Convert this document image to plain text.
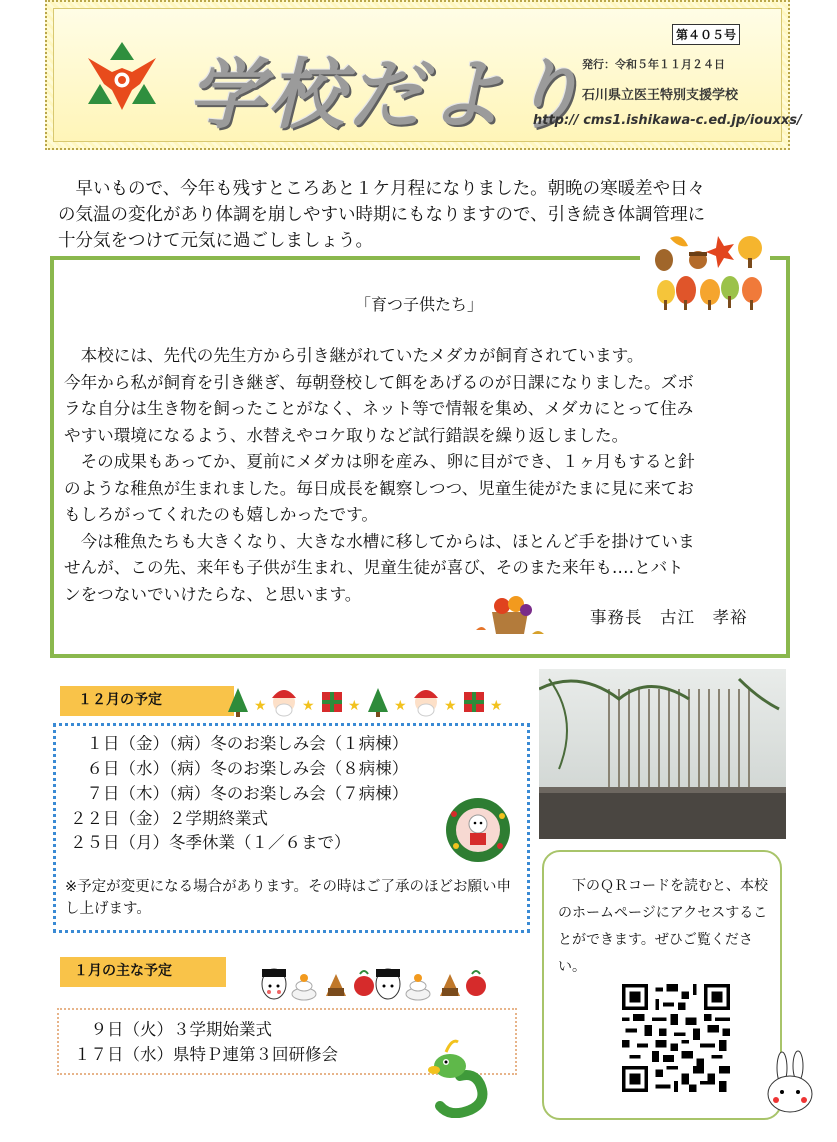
学校だより
第４０５号
発行：令和５年１１月２４日
石川県立医王特別支援学校
http:// cms1.ishikawa-c.ed.jp/iouxxs/
　早いもので、今年も残すところあと１ケ月程になりました。朝晩の寒暖差や日々
の気温の変化があり体調を崩しやすい時期にもなりますので、引き続き体調管理に
十分気をつけて元気に過ごしましょう。
「育つ子供たち」
　本校には、先代の先生方から引き継がれていたメダカが飼育されています。
今年から私が飼育を引き継ぎ、毎朝登校して餌をあげるのが日課になりました。ズボ
ラな自分は生き物を飼ったことがなく、ネット等で情報を集め、メダカにとって住み
やすい環境になるよう、水替えやコケ取りなど試行錯誤を繰り返しました。
　その成果もあってか、夏前にメダカは卵を産み、卵に目ができ、１ヶ月もすると針
のような稚魚が生まれました。毎日成長を観察しつつ、児童生徒がたまに見に来てお
もしろがってくれたのも嬉しかったです。
　今は稚魚たちも大きくなり、大きな水槽に移してからは、ほとんど手を掛けていま
せんが、この先、来年も子供が生まれ、児童生徒が喜び、そのまた来年も‥‥とバト
ンをつないでいけたらな、と思います。
事務長　古江　孝裕
１２月の予定	★	★ ★ ★	★ ★
　１日（金）（病）冬のお楽しみ会（１病棟）
　６日（水）（病）冬のお楽しみ会（８病棟）
　７日（木）（病）冬のお楽しみ会（７病棟）
２２日（金）２学期終業式
２５日（月）冬季休業（１／６まで）
※予定が変更になる場合があります。その時はご了承のほどお願い申し上げます。
１月の主な予定
　９日（火）３学期始業式
１７日（水）県特Ｐ連第３回研修会
　下のＱＲコードを読むと、本校のホームページにアクセスすることができます。ぜひご覧ください。
